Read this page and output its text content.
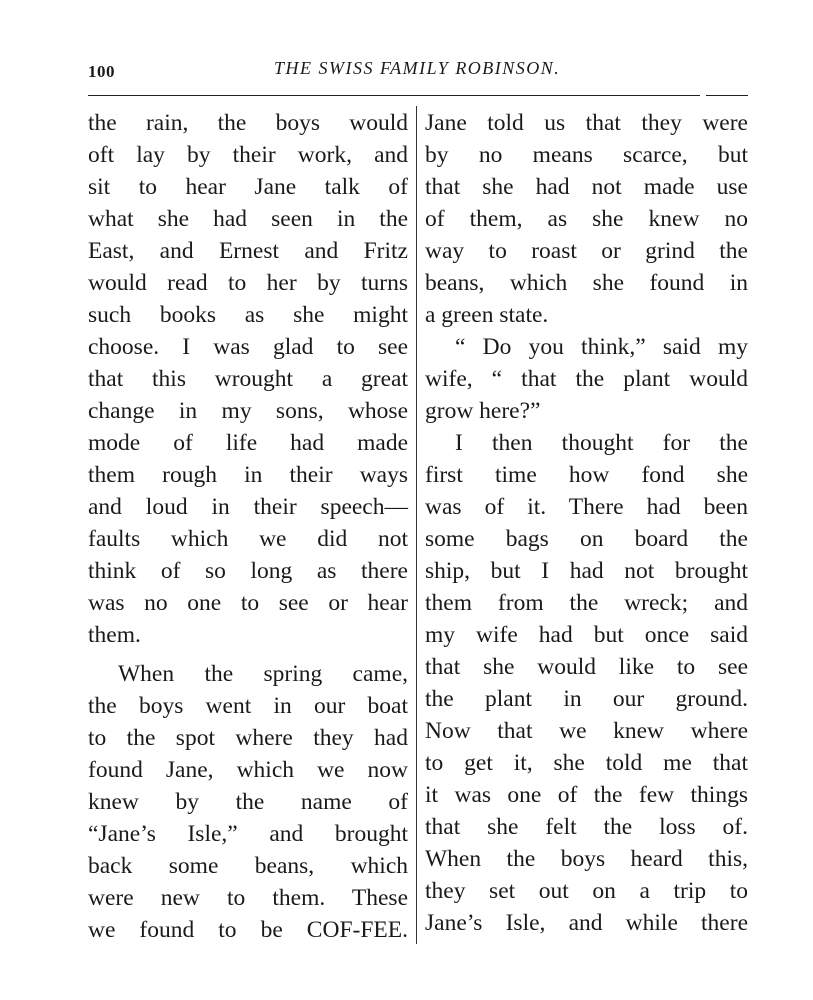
100	THE SWISS FAMILY ROBINSON.
the rain, the boys would
oft lay by their work, and
sit to hear Jane talk of
what she had seen in the
East, and Ernest and Fritz
would read to her by turns
such books as she might
choose. I was glad to see
that this wrought a great
change in my sons, whose
mode of life had made
them rough in their ways
and loud in their speech—
faults which we did not
think of so long as there
was no one to see or hear
them.
When the spring came,
the boys went in our boat
to the spot where they had
found Jane, which we now
knew by the name of
“Jane’s Isle,” and brought
back some beans, which
were new to them. These
we found to be COF-FEE.
Jane told us that they were
by no means scarce, but
that she had not made use
of them, as she knew no
way to roast or grind the
beans, which she found in
a green state.
“ Do you think,” said my
wife, “ that the plant would
grow here?”
I then thought for the
first time how fond she
was of it. There had been
some bags on board the
ship, but I had not brought
them from the wreck; and
my wife had but once said
that she would like to see
the plant in our ground.
Now that we knew where
to get it, she told me that
it was one of the few things
that she felt the loss of.
When the boys heard this,
they set out on a trip to
Jane’s Isle, and while there
